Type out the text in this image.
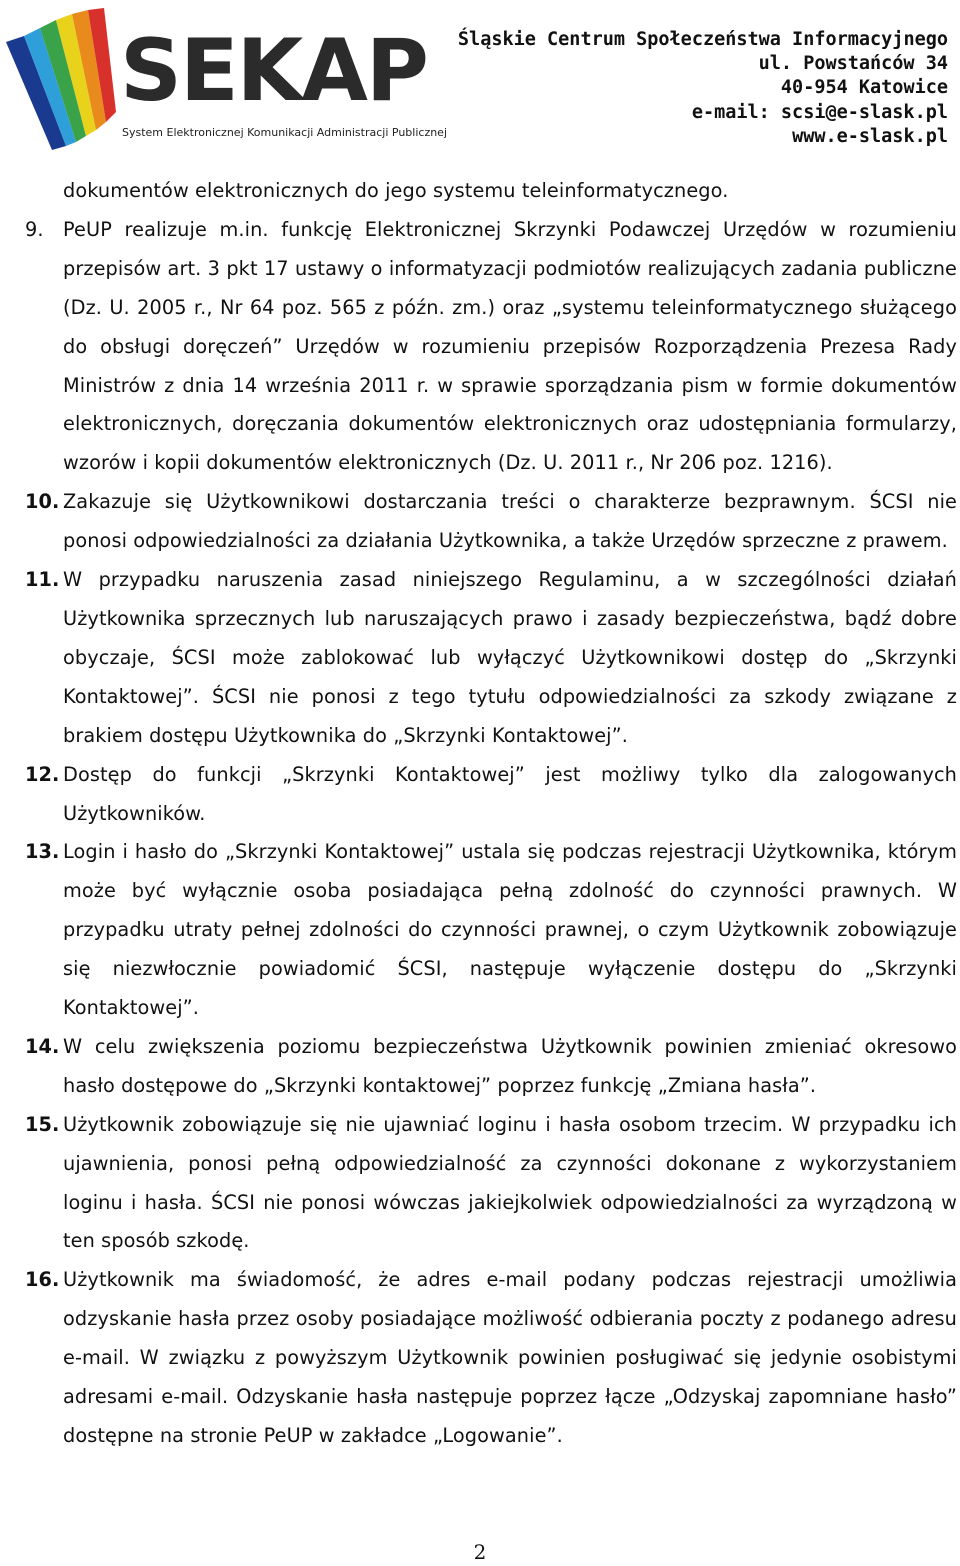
SEKAP
System Elektronicznej Komunikacji Administracji Publicznej
Śląskie Centrum Społeczeństwa Informacyjnego
ul. Powstańców 34
40-954 Katowice
e-mail: scsi@e-slask.pl
www.e-slask.pl
dokumentów elektronicznych do jego systemu teleinformatycznego.
9. PeUP realizuje m.in. funkcję Elektronicznej Skrzynki Podawczej Urzędów w rozumieniu przepisów art. 3 pkt 17 ustawy o informatyzacji podmiotów realizujących zadania publiczne (Dz. U. 2005 r., Nr 64 poz. 565 z późn. zm.) oraz „systemu teleinformatycznego służącego do obsługi doręczeń” Urzędów w rozumieniu przepisów Rozporządzenia Prezesa Rady Ministrów z dnia 14 września 2011 r. w sprawie sporządzania pism w formie dokumentów elektronicznych, doręczania dokumentów elektronicznych oraz udostępniania formularzy, wzorów i kopii dokumentów elektronicznych (Dz. U. 2011 r., Nr 206 poz. 1216).
10. Zakazuje się Użytkownikowi dostarczania treści o charakterze bezprawnym. ŚCSI nie ponosi odpowiedzialności za działania Użytkownika, a także Urzędów sprzeczne z prawem.
11. W przypadku naruszenia zasad niniejszego Regulaminu, a w szczególności działań Użytkownika sprzecznych lub naruszających prawo i zasady bezpieczeństwa, bądź dobre obyczaje, ŚCSI może zablokować lub wyłączyć Użytkownikowi dostęp do „Skrzynki Kontaktowej”. ŚCSI nie ponosi z tego tytułu odpowiedzialności za szkody związane z brakiem dostępu Użytkownika do „Skrzynki Kontaktowej”.
12. Dostęp do funkcji „Skrzynki Kontaktowej” jest możliwy tylko dla zalogowanych Użytkowników.
13. Login i hasło do „Skrzynki Kontaktowej” ustala się podczas rejestracji Użytkownika, którym może być wyłącznie osoba posiadająca pełną zdolność do czynności prawnych. W przypadku utraty pełnej zdolności do czynności prawnej, o czym Użytkownik zobowiązuje się niezwłocznie powiadomić ŚCSI, następuje wyłączenie dostępu do „Skrzynki Kontaktowej”.
14. W celu zwiększenia poziomu bezpieczeństwa Użytkownik powinien zmieniać okresowo hasło dostępowe do „Skrzynki kontaktowej” poprzez funkcję „Zmiana hasła”.
15. Użytkownik zobowiązuje się nie ujawniać loginu i hasła osobom trzecim. W przypadku ich ujawnienia, ponosi pełną odpowiedzialność za czynności dokonane z wykorzystaniem loginu i hasła. ŚCSI nie ponosi wówczas jakiejkolwiek odpowiedzialności za wyrządzoną w ten sposób szkodę.
16. Użytkownik ma świadomość, że adres e-mail podany podczas rejestracji umożliwia odzyskanie hasła przez osoby posiadające możliwość odbierania poczty z podanego adresu e-mail. W związku z powyższym Użytkownik powinien posługiwać się jedynie osobistymi adresami e-mail. Odzyskanie hasła następuje poprzez łącze „Odzyskaj zapomniane hasło” dostępne na stronie PeUP w zakładce „Logowanie”.
2
